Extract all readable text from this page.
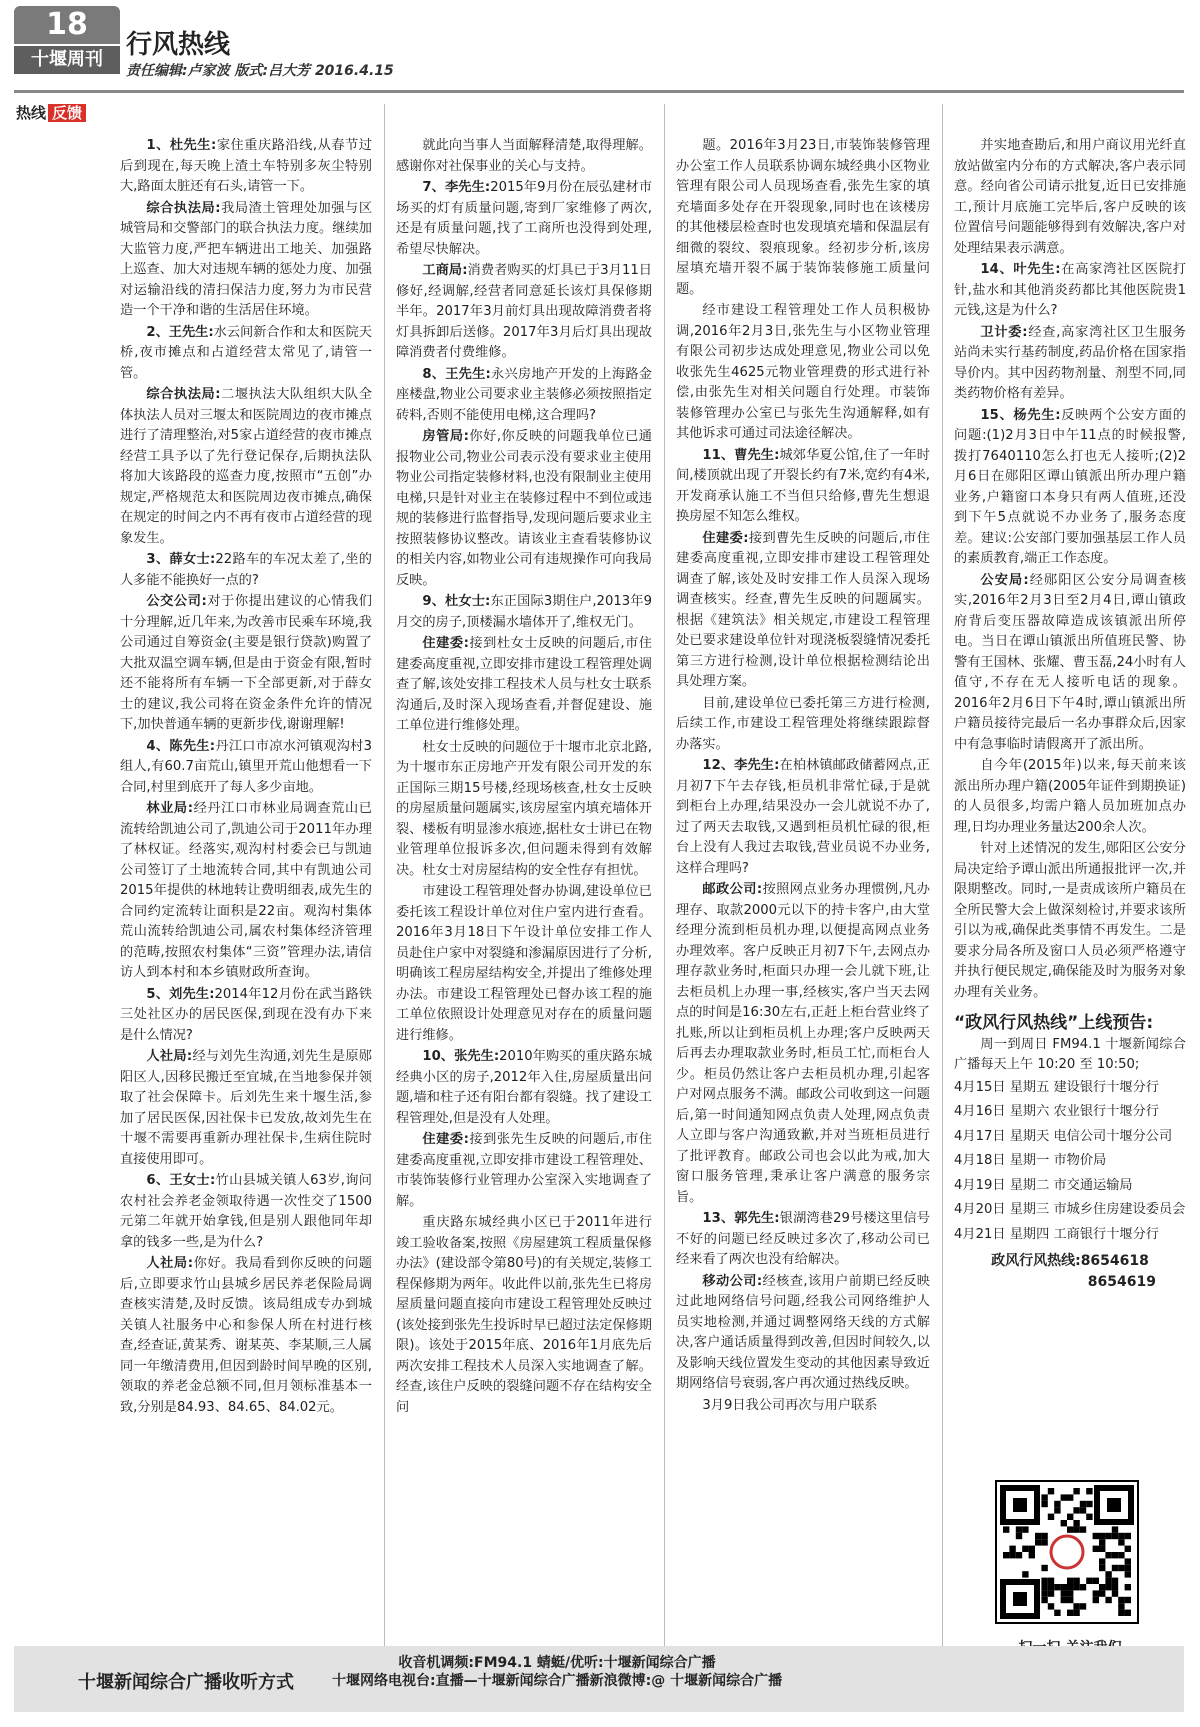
18
十堰周刊 行风热线
责任编辑:卢家波 版式:吕大芳 2016.4.15
热线 反馈

1、杜先生:家住重庆路沿线,从春节过后到现在,每天晚上渣土车特别多灰尘特别大,路面太脏还有石头,请管一下。

综合执法局:我局渣土管理处加强与区城管局和交警部门的联合执法力度。继续加大监管力度,严把车辆进出工地关、加强路上巡查、加大对违规车辆的惩处力度、加强对运输沿线的清扫保洁力度,努力为市民营造一个干净和谐的生活居住环境。

2、王先生:水云间新合作和太和医院天桥,夜市摊点和占道经营太常见了,请管一管。

综合执法局:二堰执法大队组织大队全体执法人员对三堰太和医院周边的夜市摊点进行了清理整治,对5家占道经营的夜市摊点经营工具予以了先行登记保存,后期执法队将加大该路段的巡查力度,按照市“五创”办规定,严格规范太和医院周边夜市摊点,确保在规定的时间之内不再有夜市占道经营的现象发生。

3、薛女士:22路车的车况太差了,坐的人多能不能换好一点的?

公交公司:对于你提出建议的心情我们十分理解,近几年来,为改善市民乘车环境,我公司通过自筹资金(主要是银行贷款)购置了大批双温空调车辆,但是由于资金有限,暂时还不能将所有车辆一下全部更新,对于薛女士的建议,我公司将在资金条件允许的情况下,加快普通车辆的更新步伐,谢谢理解!

4、陈先生:丹江口市凉水河镇观沟村3组人,有60.7亩荒山,镇里开荒山他想看一下合同,村里到底开了每人多少亩地。

林业局:经丹江口市林业局调查荒山已流转给凯迪公司了,凯迪公司于2011年办理了林权证。经落实,观沟村村委会已与凯迪公司签订了土地流转合同,其中有凯迪公司2015年提供的林地转让费明细表,成先生的合同约定流转让面积是22亩。观沟村集体荒山流转给凯迪公司,属农村集体经济管理的范畴,按照农村集体“三资”管理办法,请信访人到本村和本乡镇财政所查询。

5、刘先生:2014年12月份在武当路铁三处社区办的居民医保,到现在没有办下来是什么情况?

人社局:经与刘先生沟通,刘先生是原郧阳区人,因移民搬迁至宜城,在当地参保并领取了社会保障卡。后刘先生来十堰生活,参加了居民医保,因社保卡已发放,故刘先生在十堰不需要再重新办理社保卡,生病住院时直接使用即可。

6、王女士:竹山县城关镇人63岁,询问农村社会养老金领取待遇一次性交了1500元第二年就开始拿钱,但是别人跟他同年却拿的钱多一些,是为什么?

人社局:你好。我局看到你反映的问题后,立即要求竹山县城乡居民养老保险局调查核实清楚,及时反馈。该局组成专办到城关镇人社服务中心和参保人所在村进行核查,经查证,黄某秀、谢某英、李某顺,三人属同一年缴清费用,但因到龄时间早晚的区别,领取的养老金总额不同,但月领标准基本一致,分别是84.93、84.65、84.02元。

就此向当事人当面解释清楚,取得理解。感谢你对社保事业的关心与支持。

7、李先生:2015年9月份在辰弘建材市场买的灯有质量问题,寄到厂家维修了两次,还是有质量问题,找了工商所也没得到处理,希望尽快解决。

工商局:消费者购买的灯具已于3月11日修好,经调解,经营者同意延长该灯具保修期半年。2017年3月前灯具出现故障消费者将灯具拆卸后送修。2017年3月后灯具出现故障消费者付费维修。

8、王先生:永兴房地产开发的上海路金座楼盘,物业公司要求业主装修必须按照指定砖料,否则不能使用电梯,这合理吗?

房管局:你好,你反映的问题我单位已通报物业公司,物业公司表示没有要求业主使用物业公司指定装修材料,也没有限制业主使用电梯,只是针对业主在装修过程中不到位或违规的装修进行监督指导,发现问题后要求业主按照装修协议整改。请该业主查看装修协议的相关内容,如物业公司有违规操作可向我局反映。

9、杜女士:东正国际3期住户,2013年9月交的房子,顶楼漏水墙体开了,维权无门。

住建委:接到杜女士反映的问题后,市住建委高度重视,立即安排市建设工程管理处调查了解,该处安排工程技术人员与杜女士联系沟通后,及时深入现场查看,并督促建设、施工单位进行维修处理。

杜女士反映的问题位于十堰市北京北路,为十堰市东正房地产开发有限公司开发的东正国际三期15号楼,经现场核查,杜女士反映的房屋质量问题属实,该房屋室内填充墙体开裂、楼板有明显渗水痕迹,据杜女士讲已在物业管理单位报诉多次,但问题未得到有效解决。杜女士对房屋结构的安全性存有担忧。

市建设工程管理处督办协调,建设单位已委托该工程设计单位对住户室内进行查看。2016年3月18日下午设计单位安排工作人员赴住户家中对裂缝和渗漏原因进行了分析,明确该工程房屋结构安全,并提出了维修处理办法。市建设工程管理处已督办该工程的施工单位依照设计处理意见对存在的质量问题进行维修。

10、张先生:2010年购买的重庆路东城经典小区的房子,2012年入住,房屋质量出问题,墙和柱子还有阳台都有裂缝。找了建设工程管理处,但是没有人处理。

住建委:接到张先生反映的问题后,市住建委高度重视,立即安排市建设工程管理处、市装饰装修行业管理办公室深入实地调查了解。

重庆路东城经典小区已于2011年进行竣工验收备案,按照《房屋建筑工程质量保修办法》(建设部令第80号)的有关规定,装修工程保修期为两年。收此件以前,张先生已将房屋质量问题直接向市建设工程管理处反映过(该处接到张先生投诉时早已超过法定保修期限)。该处于2015年底、2016年1月底先后两次安排工程技术人员深入实地调查了解。经查,该住户反映的裂缝问题不存在结构安全问

题。2016年3月23日,市装饰装修管理办公室工作人员联系协调东城经典小区物业管理有限公司人员现场查看,张先生家的填充墙面多处存在开裂现象,同时也在该楼房的其他楼层检查时也发现填充墙和保温层有细微的裂纹、裂痕现象。经初步分析,该房屋填充墙开裂不属于装饰装修施工质量问题。

经市建设工程管理处工作人员积极协调,2016年2月3日,张先生与小区物业管理有限公司初步达成处理意见,物业公司以免收张先生4625元物业管理费的形式进行补偿,由张先生对相关问题自行处理。市装饰装修管理办公室已与张先生沟通解释,如有其他诉求可通过司法途径解决。

11、曹先生:城郊华夏公馆,住了一年时间,楼顶就出现了开裂长约有7米,宽约有4米,开发商承认施工不当但只给修,曹先生想退换房屋不知怎么维权。

住建委:接到曹先生反映的问题后,市住建委高度重视,立即安排市建设工程管理处调查了解,该处及时安排工作人员深入现场调查核实。经查,曹先生反映的问题属实。根据《建筑法》相关规定,市建设工程管理处已要求建设单位针对现浇板裂缝情况委托第三方进行检测,设计单位根据检测结论出具处理方案。

目前,建设单位已委托第三方进行检测,后续工作,市建设工程管理处将继续跟踪督办落实。

12、李先生:在柏林镇邮政储蓄网点,正月初7下午去存钱,柜员机非常忙碌,于是就到柜台上办理,结果没办一会儿就说不办了,过了两天去取钱,又遇到柜员机忙碌的很,柜台上没有人我过去取钱,营业员说不办业务,这样合理吗?

邮政公司:按照网点业务办理惯例,凡办理存、取款2000元以下的持卡客户,由大堂经理分流到柜员机办理,以便提高网点业务办理效率。客户反映正月初7下午,去网点办理存款业务时,柜面只办理一会儿就下班,让去柜员机上办理一事,经核实,客户当天去网点的时间是16:30左右,正赶上柜台营业终了扎账,所以让到柜员机上办理;客户反映两天后再去办理取款业务时,柜员工忙,而柜台人少。柜员仍然让客户去柜员机办理,引起客户对网点服务不满。邮政公司收到这一问题后,第一时间通知网点负责人处理,网点负责人立即与客户沟通致歉,并对当班柜员进行了批评教育。邮政公司也会以此为戒,加大窗口服务管理,秉承让客户满意的服务宗旨。

13、郭先生:银湖湾巷29号楼这里信号不好的问题已经反映过多次了,移动公司已经来看了两次也没有给解决。

移动公司:经核查,该用户前期已经反映过此地网络信号问题,经我公司网络维护人员实地检测,并通过调整网络天线的方式解决,客户通话质量得到改善,但因时间较久,以及影响天线位置发生变动的其他因素导致近期网络信号衰弱,客户再次通过热线反映。

3月9日我公司再次与用户联系

并实地查勘后,和用户商议用光纤直放站做室内分布的方式解决,客户表示同意。经向省公司请示批复,近日已安排施工,预计月底施工完毕后,客户反映的该位置信号问题能够得到有效解决,客户对处理结果表示满意。

14、叶先生:在高家湾社区医院打针,盐水和其他消炎药都比其他医院贵1元钱,这是为什么?

卫计委:经查,高家湾社区卫生服务站尚未实行基药制度,药品价格在国家指导价内。其中因药物剂量、剂型不同,同类药物价格有差异。

15、杨先生:反映两个公安方面的问题:(1)2月3日中午11点的时候报警,拨打7640110怎么打也无人接听;(2)2月6日在郧阳区谭山镇派出所办理户籍业务,户籍窗口本身只有两人值班,还没到下午5点就说不办业务了,服务态度差。建议:公安部门要加强基层工作人员的素质教育,端正工作态度。

公安局:经郧阳区公安分局调查核实,2016年2月3日至2月4日,谭山镇政府背后变压器故障造成该镇派出所停电。当日在谭山镇派出所值班民警、协警有王国林、张耀、曹玉磊,24小时有人值守,不存在无人接听电话的现象。2016年2月6日下午4时,谭山镇派出所户籍员接待完最后一名办事群众后,因家中有急事临时请假离开了派出所。

自今年(2015年)以来,每天前来该派出所办理户籍(2005年证件到期换证)的人员很多,均需户籍人员加班加点办理,日均办理业务量达200余人次。

针对上述情况的发生,郧阳区公安分局决定给予谭山派出所通报批评一次,并限期整改。同时,一是责成该所户籍员在全所民警大会上做深刻检讨,并要求该所引以为戒,确保此类事情不再发生。二是要求分局各所及窗口人员必须严格遵守并执行便民规定,确保能及时为服务对象办理有关业务。

“政风行风热线”上线预告:

周一到周日 FM94.1 十堰新闻综合广播每天上午 10:20 至 10:50;

4月15日 星期五 建设银行十堰分行

4月16日 星期六 农业银行十堰分行

4月17日 星期天 电信公司十堰分公司

4月18日 星期一 市物价局

4月19日 星期二 市交通运输局

4月20日 星期三 市城乡住房建设委员会

4月21日 星期四 工商银行十堰分行

政风行风热线:8654618
8654619
十堰新闻综合广播收听方式
收音机调频:FM94.1 蜻蜓/优听:十堰新闻综合广播
十堰网络电视台:直播—十堰新闻综合广播新浪微博:@ 十堰新闻综合广播
